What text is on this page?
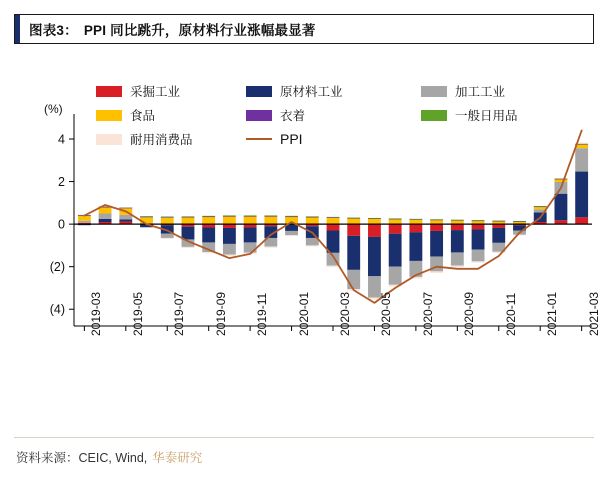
图表3： PPI 同比跳升，原材料行业涨幅最显著
采掘工业	原材料工业	加工工业
食品	衣着	一般日用品
耐用消费品	PPI
(%)
(4)
(2)
0
2
4
2019-03 2019-05 2019-07 2019-09 2019-11 2020-01 2020-03 2020-05 2020-07 2020-09 2020-11 2021-01 2021-03
资料来源：CEIC, Wind, 华泰研究
